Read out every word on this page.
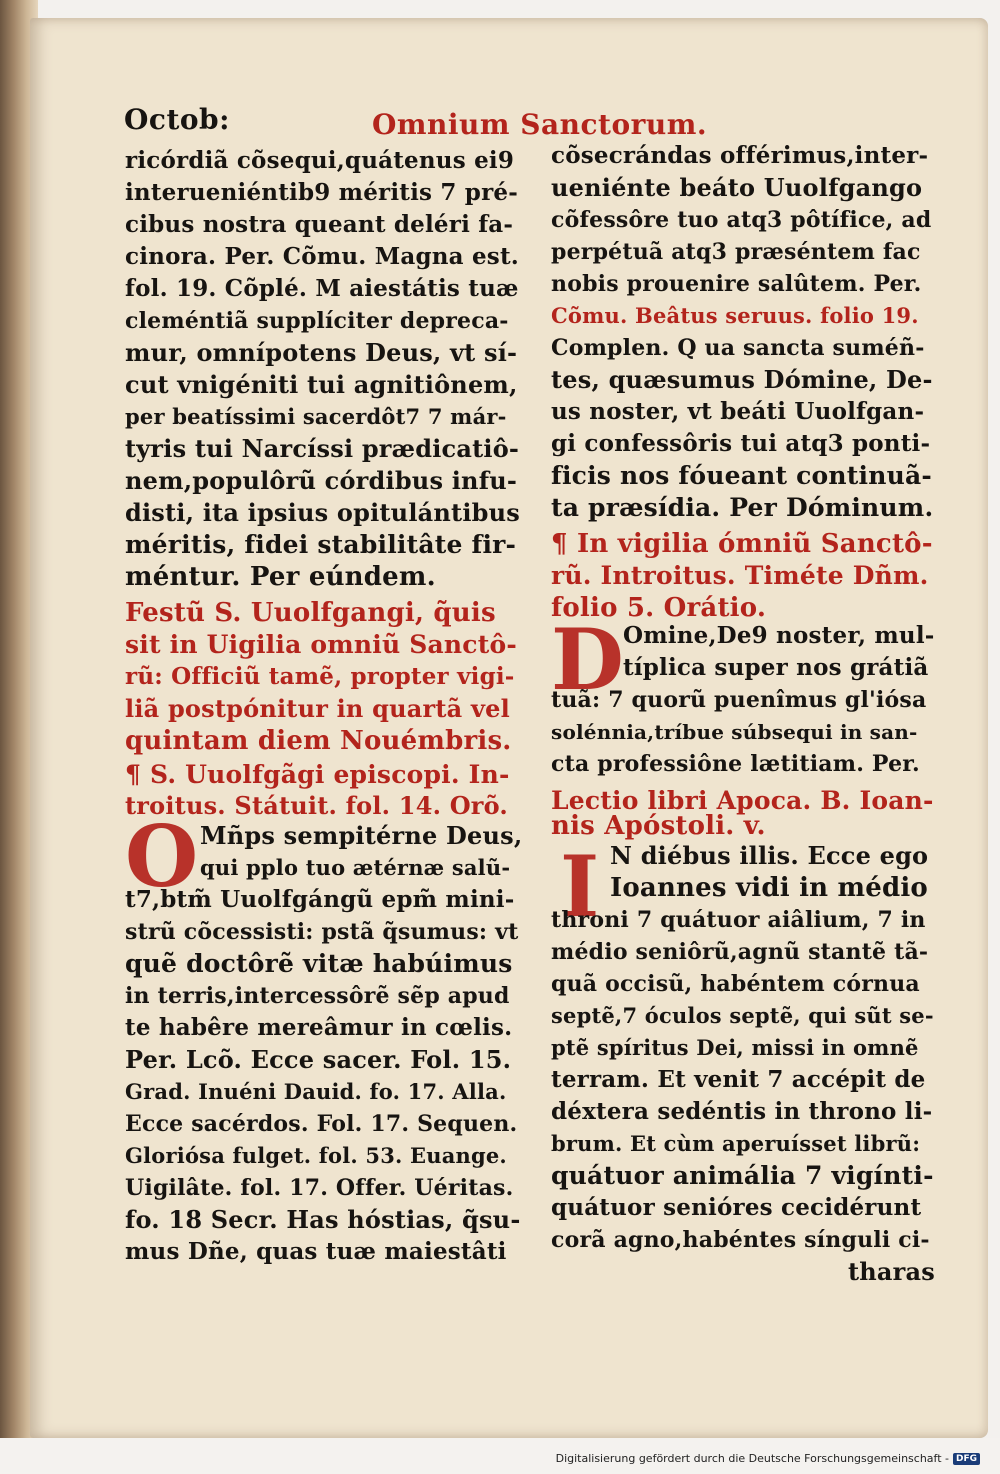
Octob:	Omnium Sanctorum.
ricórdiã cõsequi,quátenus ei9
interueniéntib9 méritis 7 pré-
cibus nostra queant deléri fa-
cinora. Per. Cõmu. Magna est.
fol. 19. Cõplé. M aiestátis tuæ
cleméntiã supplíciter depreca-
mur, omnípotens Deus, vt sí-
cut vnigéniti tui agnitiônem,
per beatíssimi sacerdôt7 7 már-
tyris tui Narcíssi prædicatiô-
nem,populôrũ córdibus infu-
disti, ita ipsius opitulántibus
méritis, fidei stabilitâte fir-
méntur. Per eúndem.
Festũ S. Uuolfgangi, q̃uis
sit in Uigilia omniũ Sanctô-
rũ: Officiũ tamẽ, propter vigi-
liã postpónitur in quartã vel
quintam diem Nouémbris.
¶ S. Uuolfgãgi episcopi. In-
troitus. Státuit. fol. 14. Orõ.
O Mñps sempitérne Deus,
qui pplo tuo ætérnæ salũ-
t7,btm̃ Uuolfgángũ epm̃ mini-
strũ cõcessisti: pstã q̃sumus: vt
quẽ doctôrẽ vitæ habúimus
in terris,intercessôrẽ sẽp apud
te habêre mereâmur in cœlis.
Per. Lcõ. Ecce sacer. Fol. 15.
Grad. Inuéni Dauid. fo. 17. Alla.
Ecce sacérdos. Fol. 17. Sequen.
Gloriósa fulget. fol. 53. Euange.
Uigilâte. fol. 17. Offer. Uéritas.
fo. 18 Secr. Has hóstias, q̃su-
mus Dñe, quas tuæ maiestâti
cõsecrándas offérimus,inter-
ueniénte beáto Uuolfgango
cõfessôre tuo atq3 pôtífice, ad
perpétuã atq3 præséntem fac
nobis prouenire salûtem. Per.
Cõmu. Beâtus seruus. folio 19.
Complen. Q ua sancta suméñ-
tes, quæsumus Dómine, De-
us noster, vt beáti Uuolfgan-
gi confessôris tui atq3 ponti-
ficis nos fóueant continuã-
ta præsídia. Per Dóminum.
¶ In vigilia ómniũ Sanctô-
rũ. Introitus. Timéte Dñm.
folio 5. Orátio.
D Omine,De9 noster, mul-
típlica super nos grátiã
tuã: 7 quorũ puenîmus gl'iósa
solénnia,tríbue súbsequi in san-
cta professiône lætitiam. Per.
Lectio libri Apoca. B. Ioan-
nis Apóstoli. v.
I N diébus illis. Ecce ego
Ioannes vidi in médio
throni 7 quátuor aiâlium, 7 in
médio seniôrũ,agnũ stantẽ tã-
quã occisũ, habéntem córnua
septẽ,7 óculos septẽ, qui sũt se-
ptẽ spíritus Dei, missi in omnẽ
terram. Et venit 7 accépit de
déxtera sedéntis in throno li-
brum. Et cùm aperuísset librũ:
quátuor animália 7 vigínti-
quátuor senióres cecidérunt
corã agno,habéntes sínguli ci-
tharas
Digitalisierung gefördert durch die Deutsche Forschungsgemeinschaft - DFG
